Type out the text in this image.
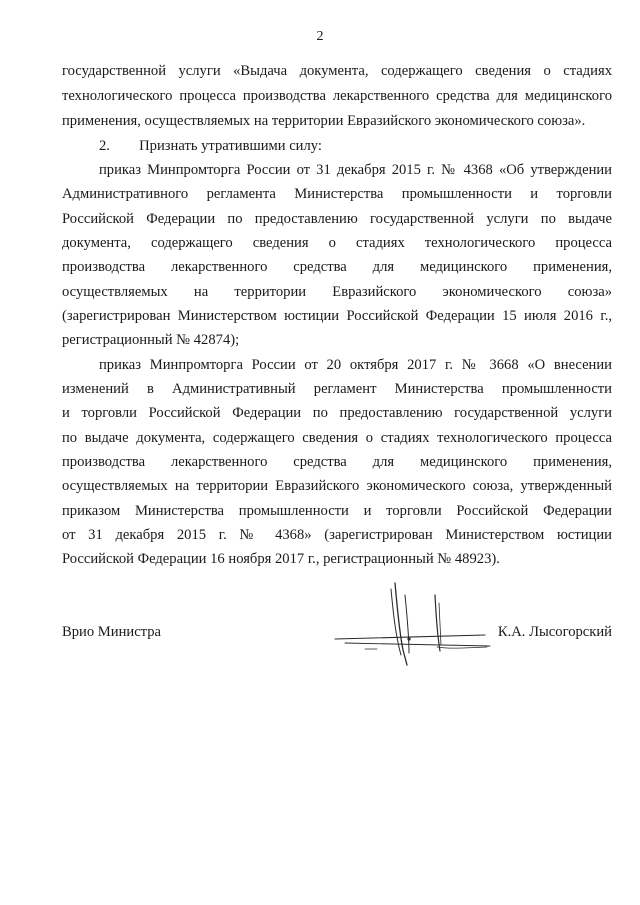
2
государственной услуги «Выдача документа, содержащего сведения о стадиях
технологического процесса производства лекарственного средства для медицинского
применения, осуществляемых на территории Евразийского экономического союза».
2.        Признать утратившими силу:
приказ Минпромторга России от 31 декабря 2015 г. № 4368 «Об утверждении
Административного регламента Министерства промышленности и торговли
Российской Федерации по предоставлению государственной услуги по выдаче
документа, содержащего сведения о стадиях технологического процесса
производства лекарственного средства для медицинского применения,
осуществляемых на территории Евразийского экономического союза»
(зарегистрирован Министерством юстиции Российской Федерации 15 июля 2016 г.,
регистрационный № 42874);
приказ Минпромторга России от 20 октября 2017 г. № 3668 «О внесении
изменений в Административный регламент Министерства промышленности
и торговли Российской Федерации по предоставлению государственной услуги
по выдаче документа, содержащего сведения о стадиях технологического процесса
производства лекарственного средства для медицинского применения,
осуществляемых на территории Евразийского экономического союза, утвержденный
приказом Министерства промышленности и торговли Российской Федерации
от 31 декабря 2015 г. № 4368» (зарегистрирован Министерством юстиции
Российской Федерации 16 ноября 2017 г., регистрационный № 48923).
Врио Министра	К.А. Лысогорский
